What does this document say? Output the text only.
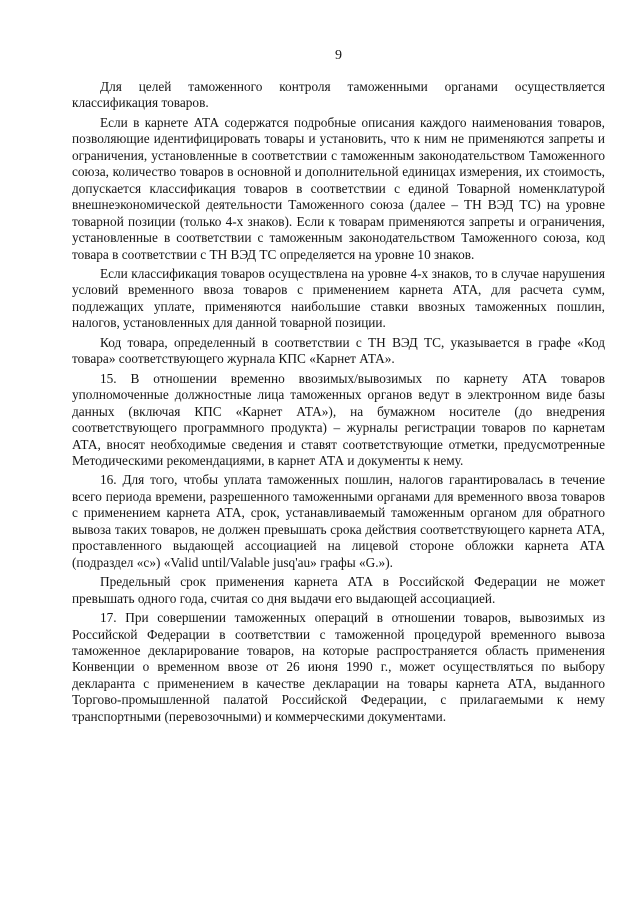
9

Для целей таможенного контроля таможенными органами осуществляется классификация товаров.

Если в карнете АТА содержатся подробные описания каждого наименования товаров, позволяющие идентифицировать товары и установить, что к ним не применяются запреты и ограничения, установленные в соответствии с таможенным законодательством Таможенного союза, количество товаров в основной и дополнительной единицах измерения, их стоимость, допускается классификация товаров в соответствии с единой Товарной номенклатурой внешнеэкономической деятельности Таможенного союза (далее – ТН ВЭД ТС) на уровне товарной позиции (только 4-х знаков). Если к товарам применяются запреты и ограничения, установленные в соответствии с таможенным законодательством Таможенного союза, код товара в соответствии с ТН ВЭД ТС определяется на уровне 10 знаков.

Если классификация товаров осуществлена на уровне 4-х знаков, то в случае нарушения условий временного ввоза товаров с применением карнета АТА, для расчета сумм, подлежащих уплате, применяются наибольшие ставки ввозных таможенных пошлин, налогов, установленных для данной товарной позиции.

Код товара, определенный в соответствии с ТН ВЭД ТС, указывается в графе «Код товара» соответствующего журнала КПС «Карнет АТА».

15. В отношении временно ввозимых/вывозимых по карнету АТА товаров уполномоченные должностные лица таможенных органов ведут в электронном виде базы данных (включая КПС «Карнет АТА»), на бумажном носителе (до внедрения соответствующего программного продукта) – журналы регистрации товаров по карнетам АТА, вносят необходимые сведения и ставят соответствующие отметки, предусмотренные Методическими рекомендациями, в карнет АТА и документы к нему.

16. Для того, чтобы уплата таможенных пошлин, налогов гарантировалась в течение всего периода времени, разрешенного таможенными органами для временного ввоза товаров с применением карнета АТА, срок, устанавливаемый таможенным органом для обратного вывоза таких товаров, не должен превышать срока действия соответствующего карнета АТА, проставленного выдающей ассоциацией на лицевой стороне обложки карнета АТА (подраздел «c») «Valid until/Valable jusq'au» графы «G.»).

Предельный срок применения карнета АТА в Российской Федерации не может превышать одного года, считая со дня выдачи его выдающей ассоциацией.

17. При совершении таможенных операций в отношении товаров, вывозимых из Российской Федерации в соответствии с таможенной процедурой временного вывоза таможенное декларирование товаров, на которые распространяется область применения Конвенции о временном ввозе от 26 июня 1990 г., может осуществляться по выбору декларанта с применением в качестве декларации на товары карнета АТА, выданного Торгово-промышленной палатой Российской Федерации, с прилагаемыми к нему транспортными (перевозочными) и коммерческими документами.
